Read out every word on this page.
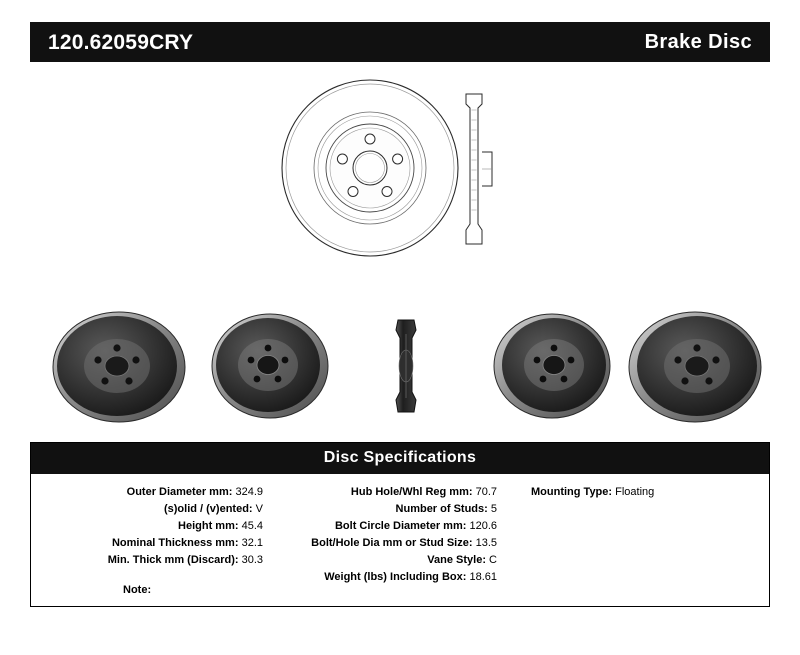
120.62059CRY	Brake Disc
Disc Specifications
Outer Diameter mm: 324.9
(s)olid / (v)ented: V
Height mm: 45.4
Nominal Thickness mm: 32.1
Min. Thick mm (Discard): 30.3
Hub Hole/Whl Reg mm: 70.7
Number of Studs: 5
Bolt Circle Diameter mm: 120.6
Bolt/Hole Dia mm or Stud Size: 13.5
Vane Style: C
Weight (lbs) Including Box: 18.61
Mounting Type: Floating
Note:
